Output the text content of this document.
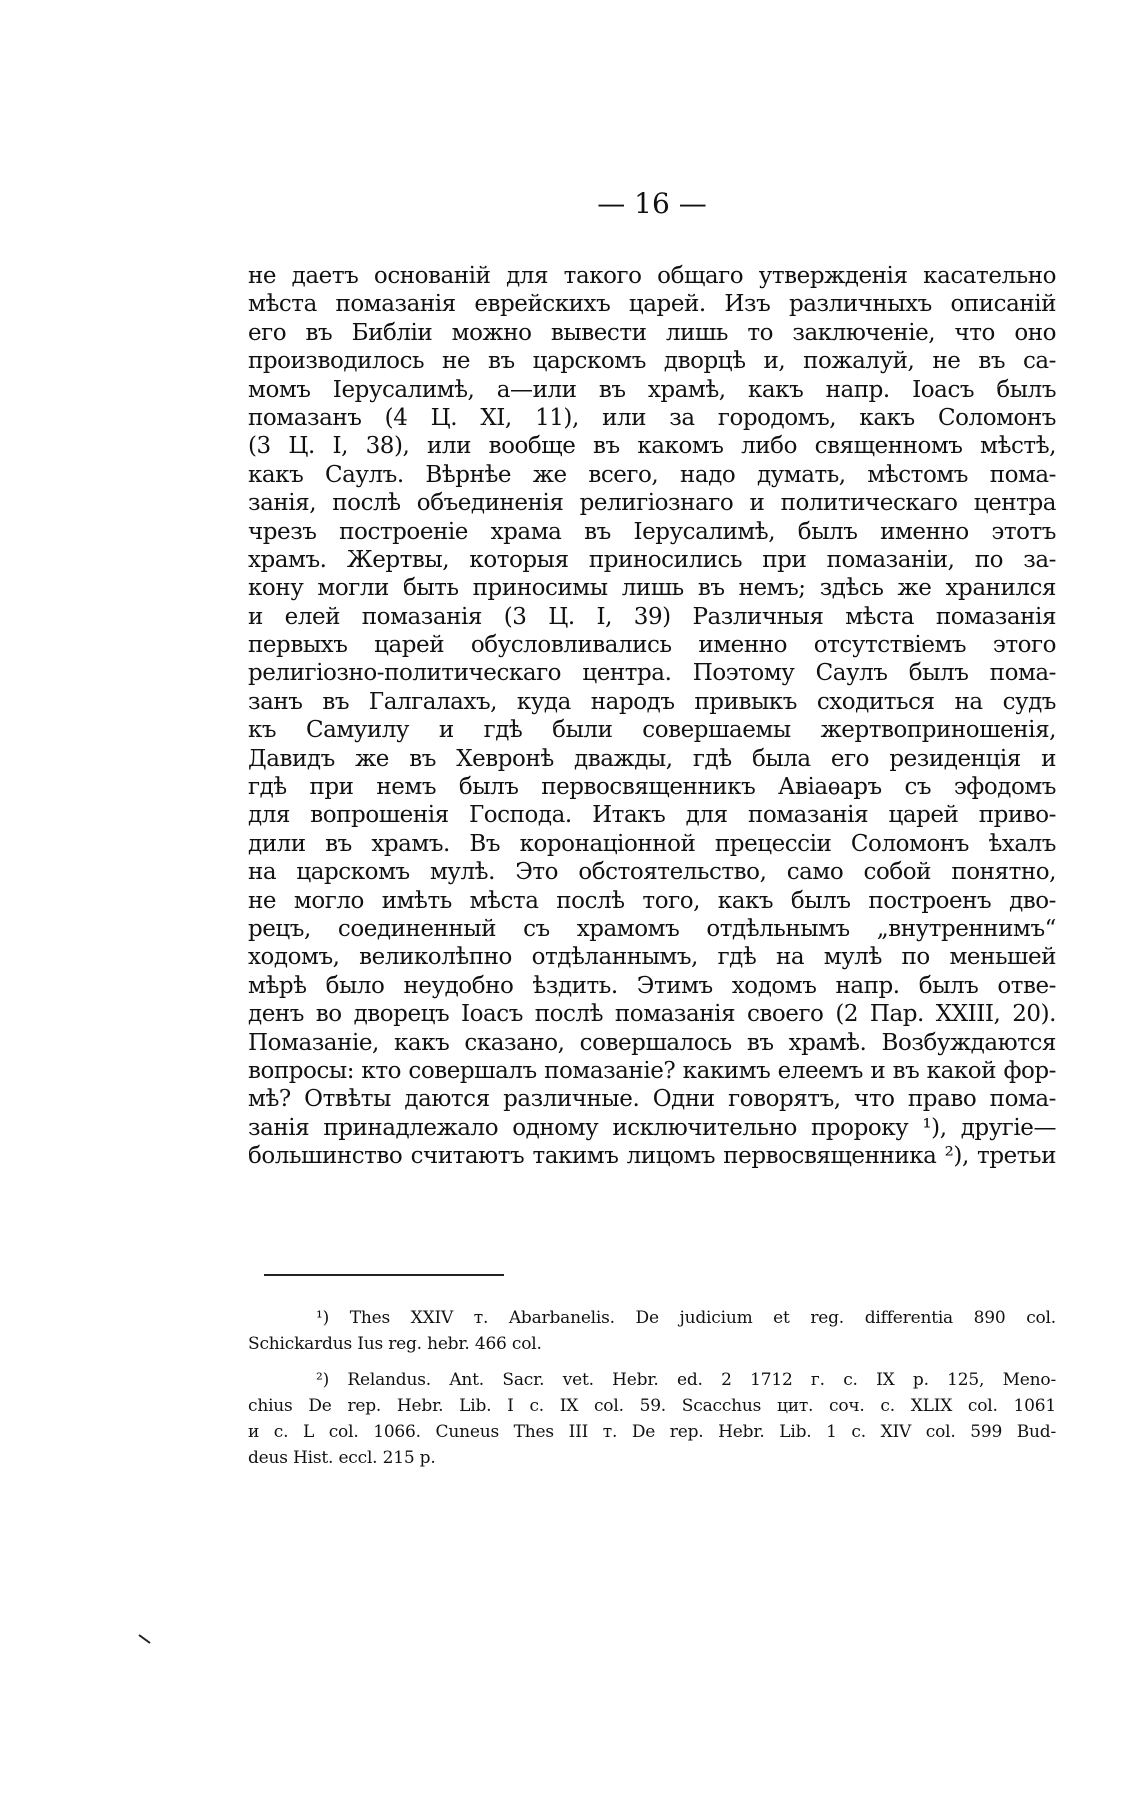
— 16 —
не даетъ основаній для такого общаго утвержденія касательно
мѣста помазанія еврейскихъ царей. Изъ различныхъ описаній
его въ Библіи можно вывести лишь то заключеніе, что оно
производилось не въ царскомъ дворцѣ и, пожалуй, не въ са-
момъ Іерусалимѣ, а—или въ храмѣ, какъ напр. Іоасъ былъ
помазанъ (4 Ц. XI, 11), или за городомъ, какъ Соломонъ
(3 Ц. I, 38), или вообще въ какомъ либо священномъ мѣстѣ,
какъ Саулъ. Вѣрнѣе же всего, надо думать, мѣстомъ пома-
занія, послѣ объединенія религіознаго и политическаго центра
чрезъ построеніе храма въ Іерусалимѣ, былъ именно этотъ
храмъ. Жертвы, которыя приносились при помазаніи, по за-
кону могли быть приносимы лишь въ немъ; здѣсь же хранился
и елей помазанія (3 Ц. I, 39) Различныя мѣста помазанія
первыхъ царей обусловливались именно отсутствіемъ этого
религіозно-политическаго центра. Поэтому Саулъ былъ пома-
занъ въ Галгалахъ, куда народъ привыкъ сходиться на судъ
къ Самуилу и гдѣ были совершаемы жертвоприношенія,
Давидъ же въ Хевронѣ дважды, гдѣ была его резиденція и
гдѣ при немъ былъ первосвященникъ Авіаѳаръ съ эфодомъ
для вопрошенія Господа. Итакъ для помазанія царей приво-
дили въ храмъ. Въ коронаціонной прецессіи Соломонъ ѣхалъ
на царскомъ мулѣ. Это обстоятельство, само собой понятно,
не могло имѣть мѣста послѣ того, какъ былъ построенъ дво-
рецъ, соединенный съ храмомъ отдѣльнымъ „внутреннимъ“
ходомъ, великолѣпно отдѣланнымъ, гдѣ на мулѣ по меньшей
мѣрѣ было неудобно ѣздить. Этимъ ходомъ напр. былъ отве-
денъ во дворецъ Іоасъ послѣ помазанія своего (2 Пар. XXIII, 20).
Помазаніе, какъ сказано, совершалось въ храмѣ. Возбуждаются
вопросы: кто совершалъ помазаніе? какимъ елеемъ и въ какой фор-
мѣ? Отвѣты даются различные. Одни говорятъ, что право пома-
занія принадлежало одному исключительно пророку ¹), другіе—
большинство считаютъ такимъ лицомъ первосвященника ²), третьи
¹) Thes XXIV т. Abarbanelis. De judicium et reg. differentia 890 col.
Schickardus Ius reg. hebr. 466 col.
²) Relandus. Ant. Sacr. vet. Hebr. ed. 2 1712 г. с. IX p. 125, Meno-
chius De rep. Hebr. Lib. I c. IX col. 59. Scacchus цит. соч. с. XLIX col. 1061
и с. L col. 1066. Cuneus Thes III т. De rep. Hebr. Lib. 1 с. XIV col. 599 Bud-
deus Hist. eccl. 215 p.
